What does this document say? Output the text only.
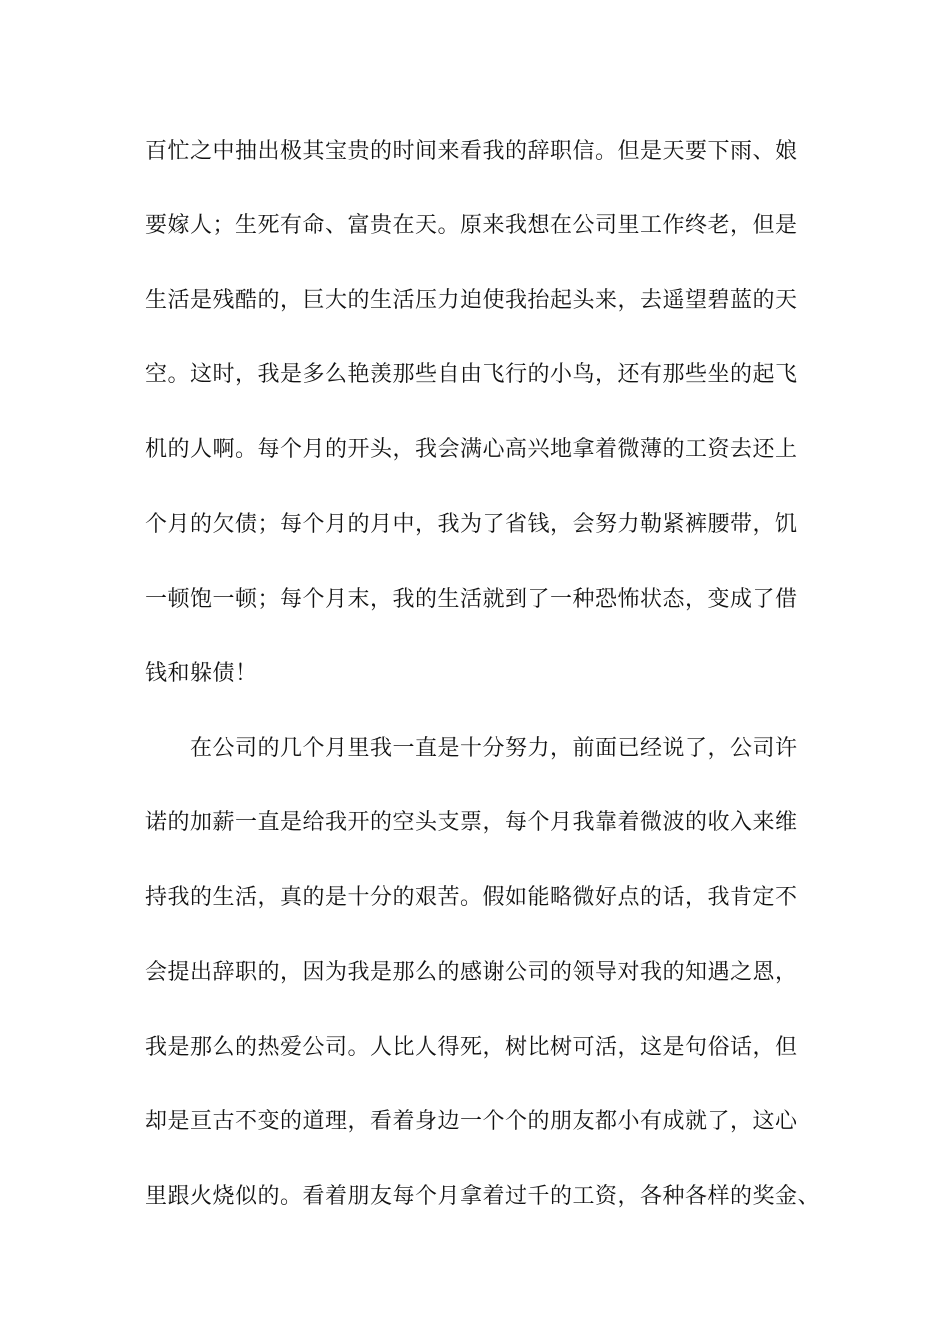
百忙之中抽出极其宝贵的时间来看我的辞职信。但是天要下雨、娘
要嫁人；生死有命、富贵在天。原来我想在公司里工作终老，但是
生活是残酷的，巨大的生活压力迫使我抬起头来，去遥望碧蓝的天
空。这时，我是多么艳羡那些自由飞行的小鸟，还有那些坐的起飞
机的人啊。每个月的开头，我会满心高兴地拿着微薄的工资去还上
个月的欠债；每个月的月中，我为了省钱，会努力勒紧裤腰带，饥
一顿饱一顿；每个月末，我的生活就到了一种恐怖状态，变成了借
钱和躲债！
在公司的几个月里我一直是十分努力，前面已经说了，公司许
诺的加薪一直是给我开的空头支票，每个月我靠着微波的收入来维
持我的生活，真的是十分的艰苦。假如能略微好点的话，我肯定不
会提出辞职的，因为我是那么的感谢公司的领导对我的知遇之恩，
我是那么的热爱公司。人比人得死，树比树可活，这是句俗话，但
却是亘古不变的道理，看着身边一个个的朋友都小有成就了，这心
里跟火烧似的。看着朋友每个月拿着过千的工资，各种各样的奖金、
